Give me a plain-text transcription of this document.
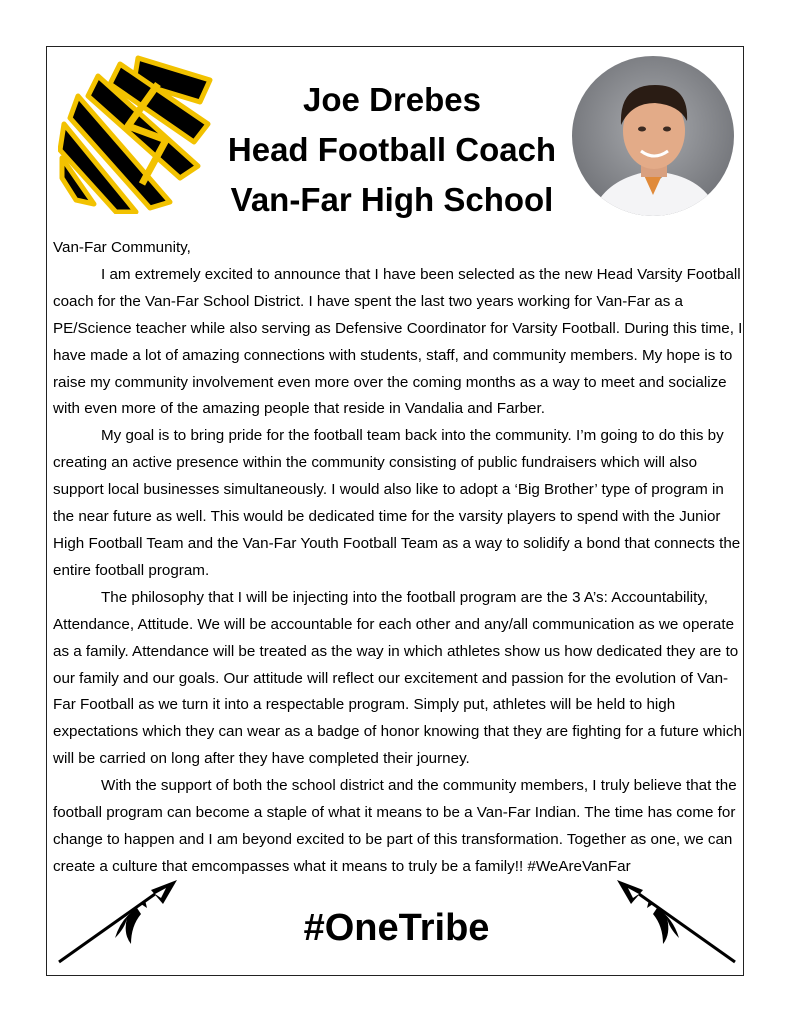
Joe Drebes
Head Football Coach
Van-Far High School

Van-Far Community,

I am extremely excited to announce that I have been selected as the new Head Varsity Football coach for the Van-Far School District. I have spent the last two years working for Van-Far as a PE/Science teacher while also serving as Defensive Coordinator for Varsity Football. During this time, I have made a lot of amazing connections with students, staff, and community members. My hope is to raise my community involvement even more over the coming months as a way to meet and socialize with even more of the amazing people that reside in Vandalia and Farber.

My goal is to bring pride for the football team back into the community. I’m going to do this by creating an active presence within the community consisting of public fundraisers which will also support local businesses simultaneously. I would also like to adopt a ‘Big Brother’ type of program in the near future as well. This would be dedicated time for the varsity players to spend with the Junior High Football Team and the Van-Far Youth Football Team as a way to solidify a bond that connects the entire football program.

The philosophy that I will be injecting into the football program are the 3 A’s: Accountability, Attendance, Attitude. We will be accountable for each other and any/all communication as we operate as a family. Attendance will be treated as the way in which athletes show us how dedicated they are to our family and our goals. Our attitude will reflect our excitement and passion for the evolution of Van-Far Football as we turn it into a respectable program. Simply put, athletes will be held to high expectations which they can wear as a badge of honor knowing that they are fighting for a future which will be carried on long after they have completed their journey.

With the support of both the school district and the community members, I truly believe that the football program can become a staple of what it means to be a Van-Far Indian. The time has come for change to happen and I am beyond excited to be part of this transformation. Together as one, we can create a culture that emcompasses what it means to truly be a family!! #WeAreVanFar

#OneTribe
